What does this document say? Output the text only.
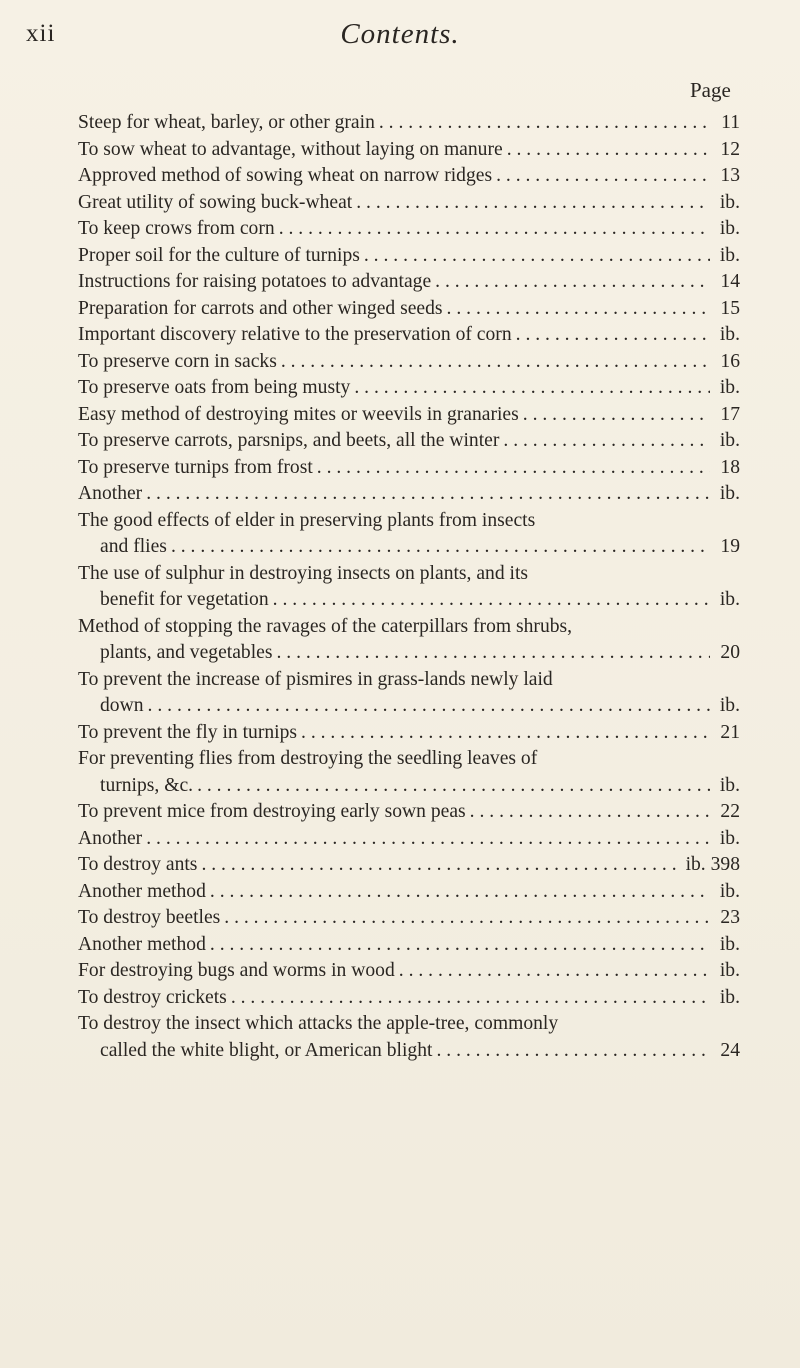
xii	Contents.
Page
Steep for wheat, barley, or other grain . . .	11
To sow wheat to advantage, without laying on manure . . .	12
Approved method of sowing wheat on narrow ridges . . .	13
Great utility of sowing buck-wheat . . .	ib.
To keep crows from corn . . .	ib.
Proper soil for the culture of turnips . . .	ib.
Instructions for raising potatoes to advantage . . .	14
Preparation for carrots and other winged seeds . . .	15
Important discovery relative to the preservation of corn . . .	ib.
To preserve corn in sacks . . .	16
To preserve oats from being musty . . .	ib.
Easy method of destroying mites or weevils in granaries . . .	17
To preserve carrots, parsnips, and beets, all the winter . . .	ib.
To preserve turnips from frost . . .	18
Another . . .	ib.
The good effects of elder in preserving plants from insects
and flies . . .	19
The use of sulphur in destroying insects on plants, and its
benefit for vegetation . . .	ib.
Method of stopping the ravages of the caterpillars from shrubs,
plants, and vegetables . . .	20
To prevent the increase of pismires in grass-lands newly laid
down . . .	ib.
To prevent the fly in turnips . . .	21
For preventing flies from destroying the seedling leaves of
turnips, &c. . . .	ib.
To prevent mice from destroying early sown peas . . .	22
Another . . .	ib.
To destroy ants . . .	ib. 398
Another method . . .	ib.
To destroy beetles . . .	23
Another method . . .	ib.
For destroying bugs and worms in wood . . .	ib.
To destroy crickets . . .	ib.
To destroy the insect which attacks the apple-tree, commonly
called the white blight, or American blight . . .	24
